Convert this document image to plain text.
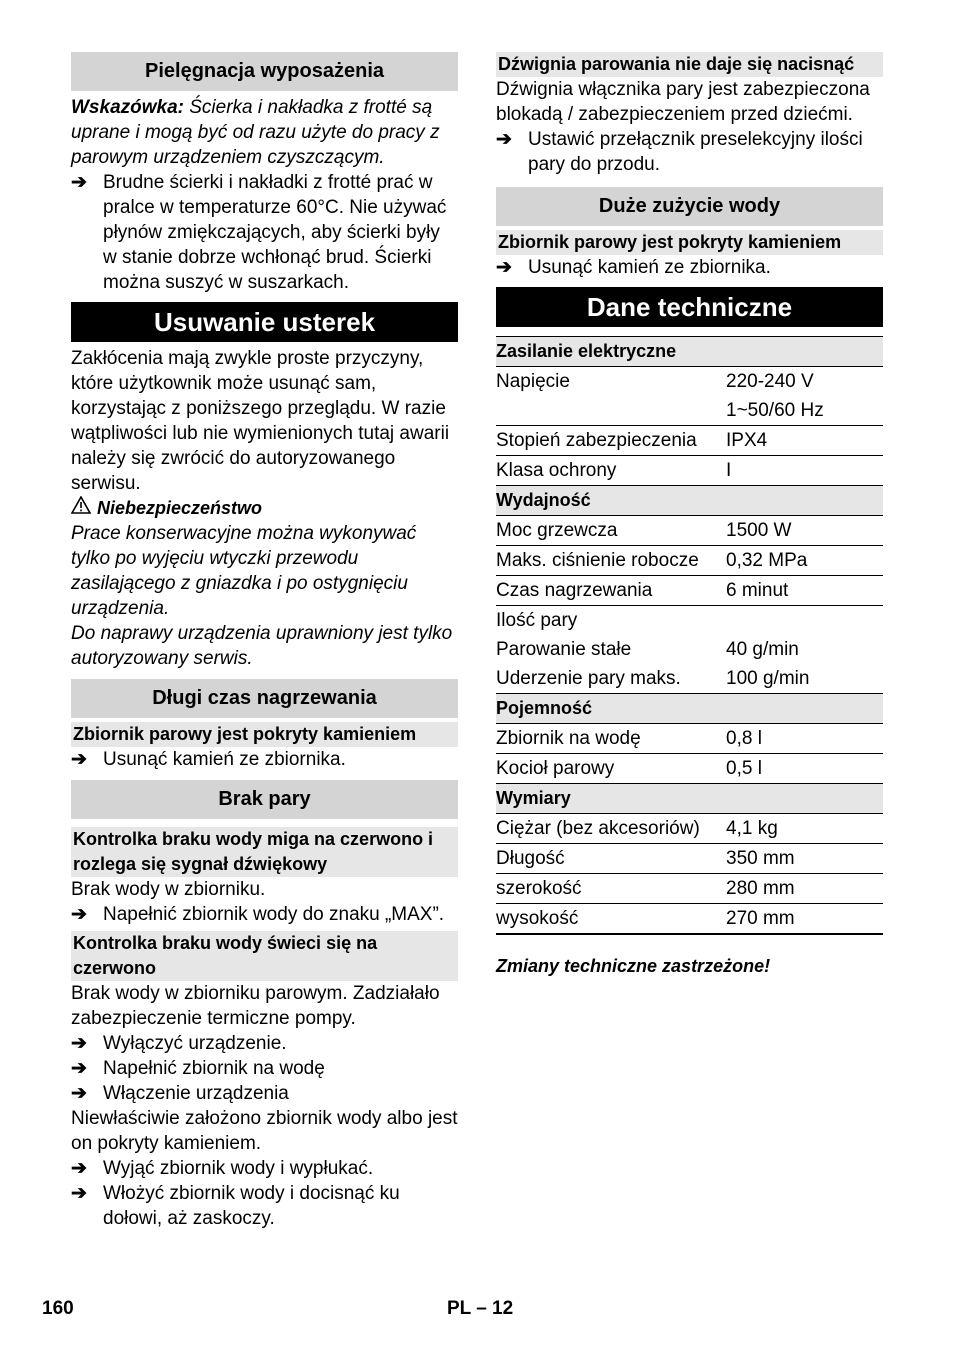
Pielęgnacja wyposażenia

Wskazówka: Ścierka i nakładka z frotté są uprane i mogą być od razu użyte do pracy z parowym urządzeniem czyszczącym.

➔ Brudne ścierki i nakładki z frotté prać w pralce w temperaturze 60°C. Nie używać płynów zmiękczających, aby ścierki były w stanie dobrze wchłonąć brud. Ścierki można suszyć w suszarkach.
Usuwanie usterek

Zakłócenia mają zwykle proste przyczyny, które użytkownik może usunąć sam, korzystając z poniższego przeglądu. W razie wątpliwości lub nie wymienionych tutaj awarii należy się zwrócić do autoryzowanego serwisu.

Niebezpieczeństwo

Prace konserwacyjne można wykonywać tylko po wyjęciu wtyczki przewodu zasilającego z gniazdka i po ostygnięciu urządzenia.

Do naprawy urządzenia uprawniony jest tylko autoryzowany serwis.

Długi czas nagrzewania
Zbiornik parowy jest pokryty kamieniem
➔ Usunąć kamień ze zbiornika.
Brak pary
Kontrolka braku wody miga na czerwono i rozlega się sygnał dźwiękowy

Brak wody w zbiorniku.

➔ Napełnić zbiornik wody do znaku „MAX”.
Kontrolka braku wody świeci się na czerwono

Brak wody w zbiorniku parowym. Zadziałało zabezpieczenie termiczne pompy.

➔ Wyłączyć urządzenie.
➔ Napełnić zbiornik na wodę
➔ Włączenie urządzenia

Niewłaściwie założono zbiornik wody albo jest on pokryty kamieniem.

➔ Wyjąć zbiornik wody i wypłukać.
➔ Włożyć zbiornik wody i docisnąć ku dołowi, aż zaskoczy.
Dźwignia parowania nie daje się nacisnąć

Dźwignia włącznika pary jest zabezpieczona blokadą / zabezpieczeniem przed dziećmi.

➔ Ustawić przełącznik preselekcyjny ilości pary do przodu.
Duże zużycie wody
Zbiornik parowy jest pokryty kamieniem
➔ Usunąć kamień ze zbiornika.
Dane techniczne
Zasilanie elektryczne	
Napięcie	220-240 V
	1~50/60 Hz
Stopień zabezpieczenia	IPX4
Klasa ochrony	I
Wydajność	
Moc grzewcza	1500 W
Maks. ciśnienie robocze	0,32 MPa
Czas nagrzewania	6 minut
Ilość pary	
Parowanie stałe	40 g/min
Uderzenie pary maks.	100 g/min
Pojemność	
Zbiornik na wodę	0,8 l
Kocioł parowy	0,5 l
Wymiary	
Ciężar (bez akcesoriów)	4,1 kg
Długość	350 mm
szerokość	280 mm
wysokość	270 mm

Zmiany techniczne zastrzeżone!

160	PL – 12
